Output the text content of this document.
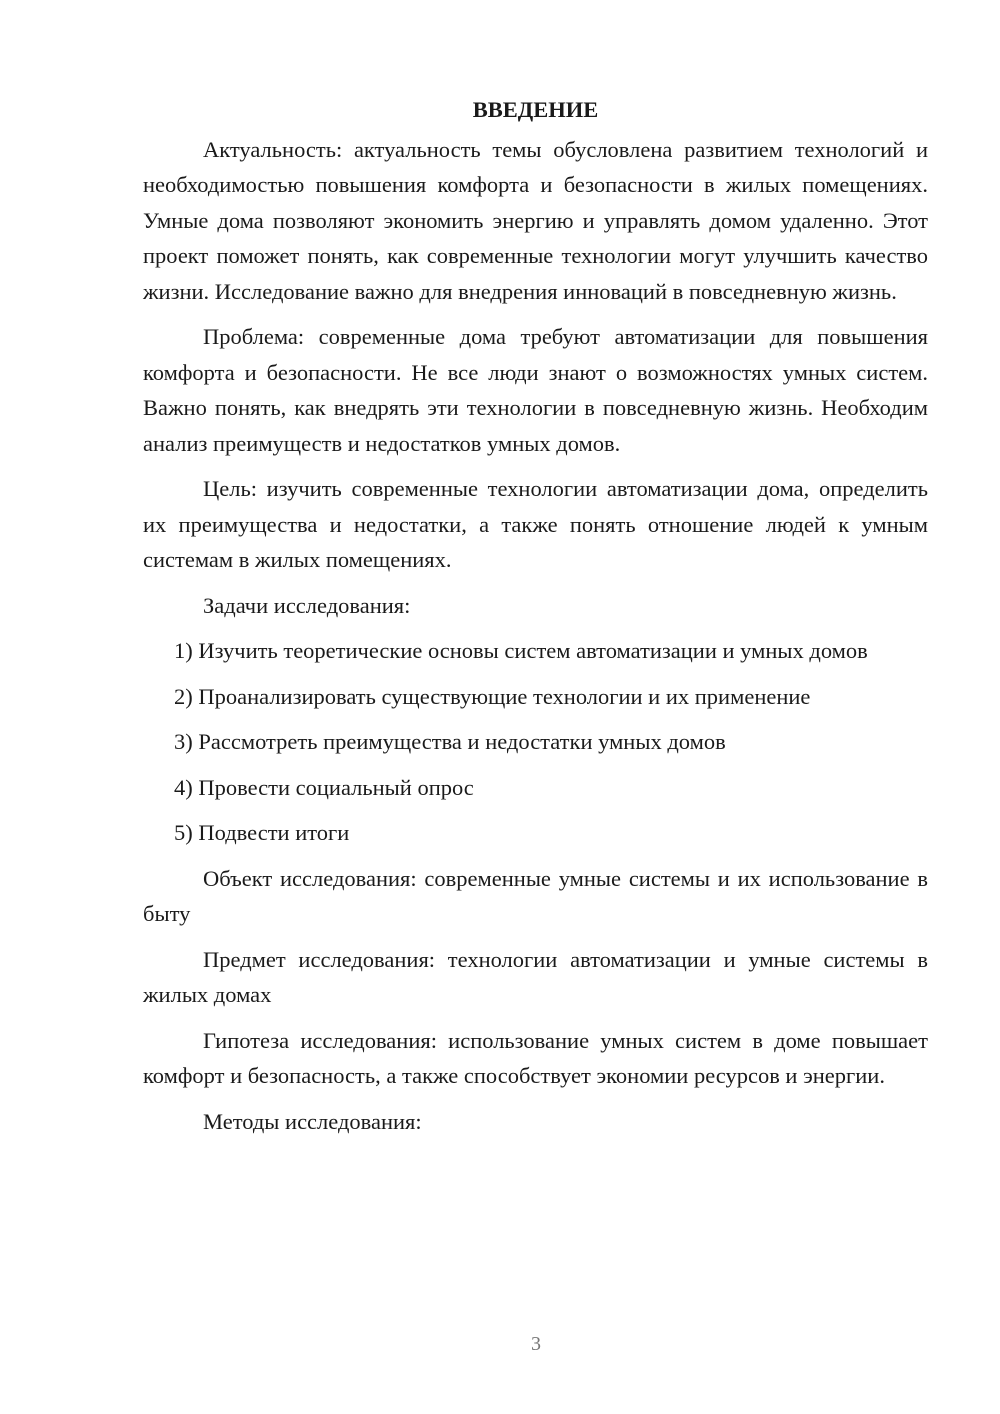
ВВЕДЕНИЕ

Актуальность: актуальность темы обусловлена развитием технологий и необходимостью повышения комфорта и безопасности в жилых помещениях. Умные дома позволяют экономить энергию и управлять домом удаленно. Этот проект поможет понять, как современные технологии могут улучшить качество жизни. Исследование важно для внедрения инноваций в повседневную жизнь.

Проблема: современные дома требуют автоматизации для повышения комфорта и безопасности. Не все люди знают о возможностях умных систем. Важно понять, как внедрять эти технологии в повседневную жизнь. Необходим анализ преимуществ и недостатков умных домов.

Цель: изучить современные технологии автоматизации дома, определить их преимущества и недостатки, а также понять отношение людей к умным системам в жилых помещениях.

Задачи исследования:

1) Изучить теоретические основы систем автоматизации и умных домов

2) Проанализировать существующие технологии и их применение

3) Рассмотреть преимущества и недостатки умных домов

4) Провести социальный опрос

5) Подвести итоги

Объект исследования: современные умные системы и их использование в быту

Предмет исследования: технологии автоматизации и умные системы в жилых домах

Гипотеза исследования: использование умных систем в доме повышает комфорт и безопасность, а также способствует экономии ресурсов и энергии.

Методы исследования:

3
